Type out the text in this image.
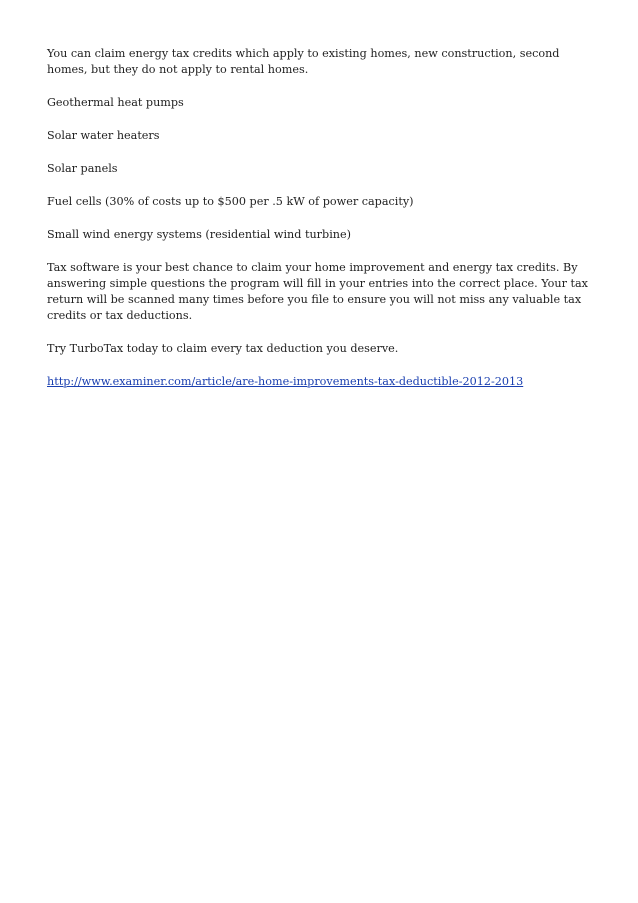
You can claim energy tax credits which apply to existing homes, new construction, second homes, but they do not apply to rental homes.

Geothermal heat pumps

Solar water heaters

Solar panels

Fuel cells (30% of costs up to $500 per .5 kW of power capacity)

Small wind energy systems (residential wind turbine)

Tax software is your best chance to claim your home improvement and energy tax credits. By answering simple questions the program will fill in your entries into the correct place. Your tax return will be scanned many times before you file to ensure you will not miss any valuable tax credits or tax deductions.

Try TurboTax today to claim every tax deduction you deserve.

http://www.examiner.com/article/are-home-improvements-tax-deductible-2012-2013
